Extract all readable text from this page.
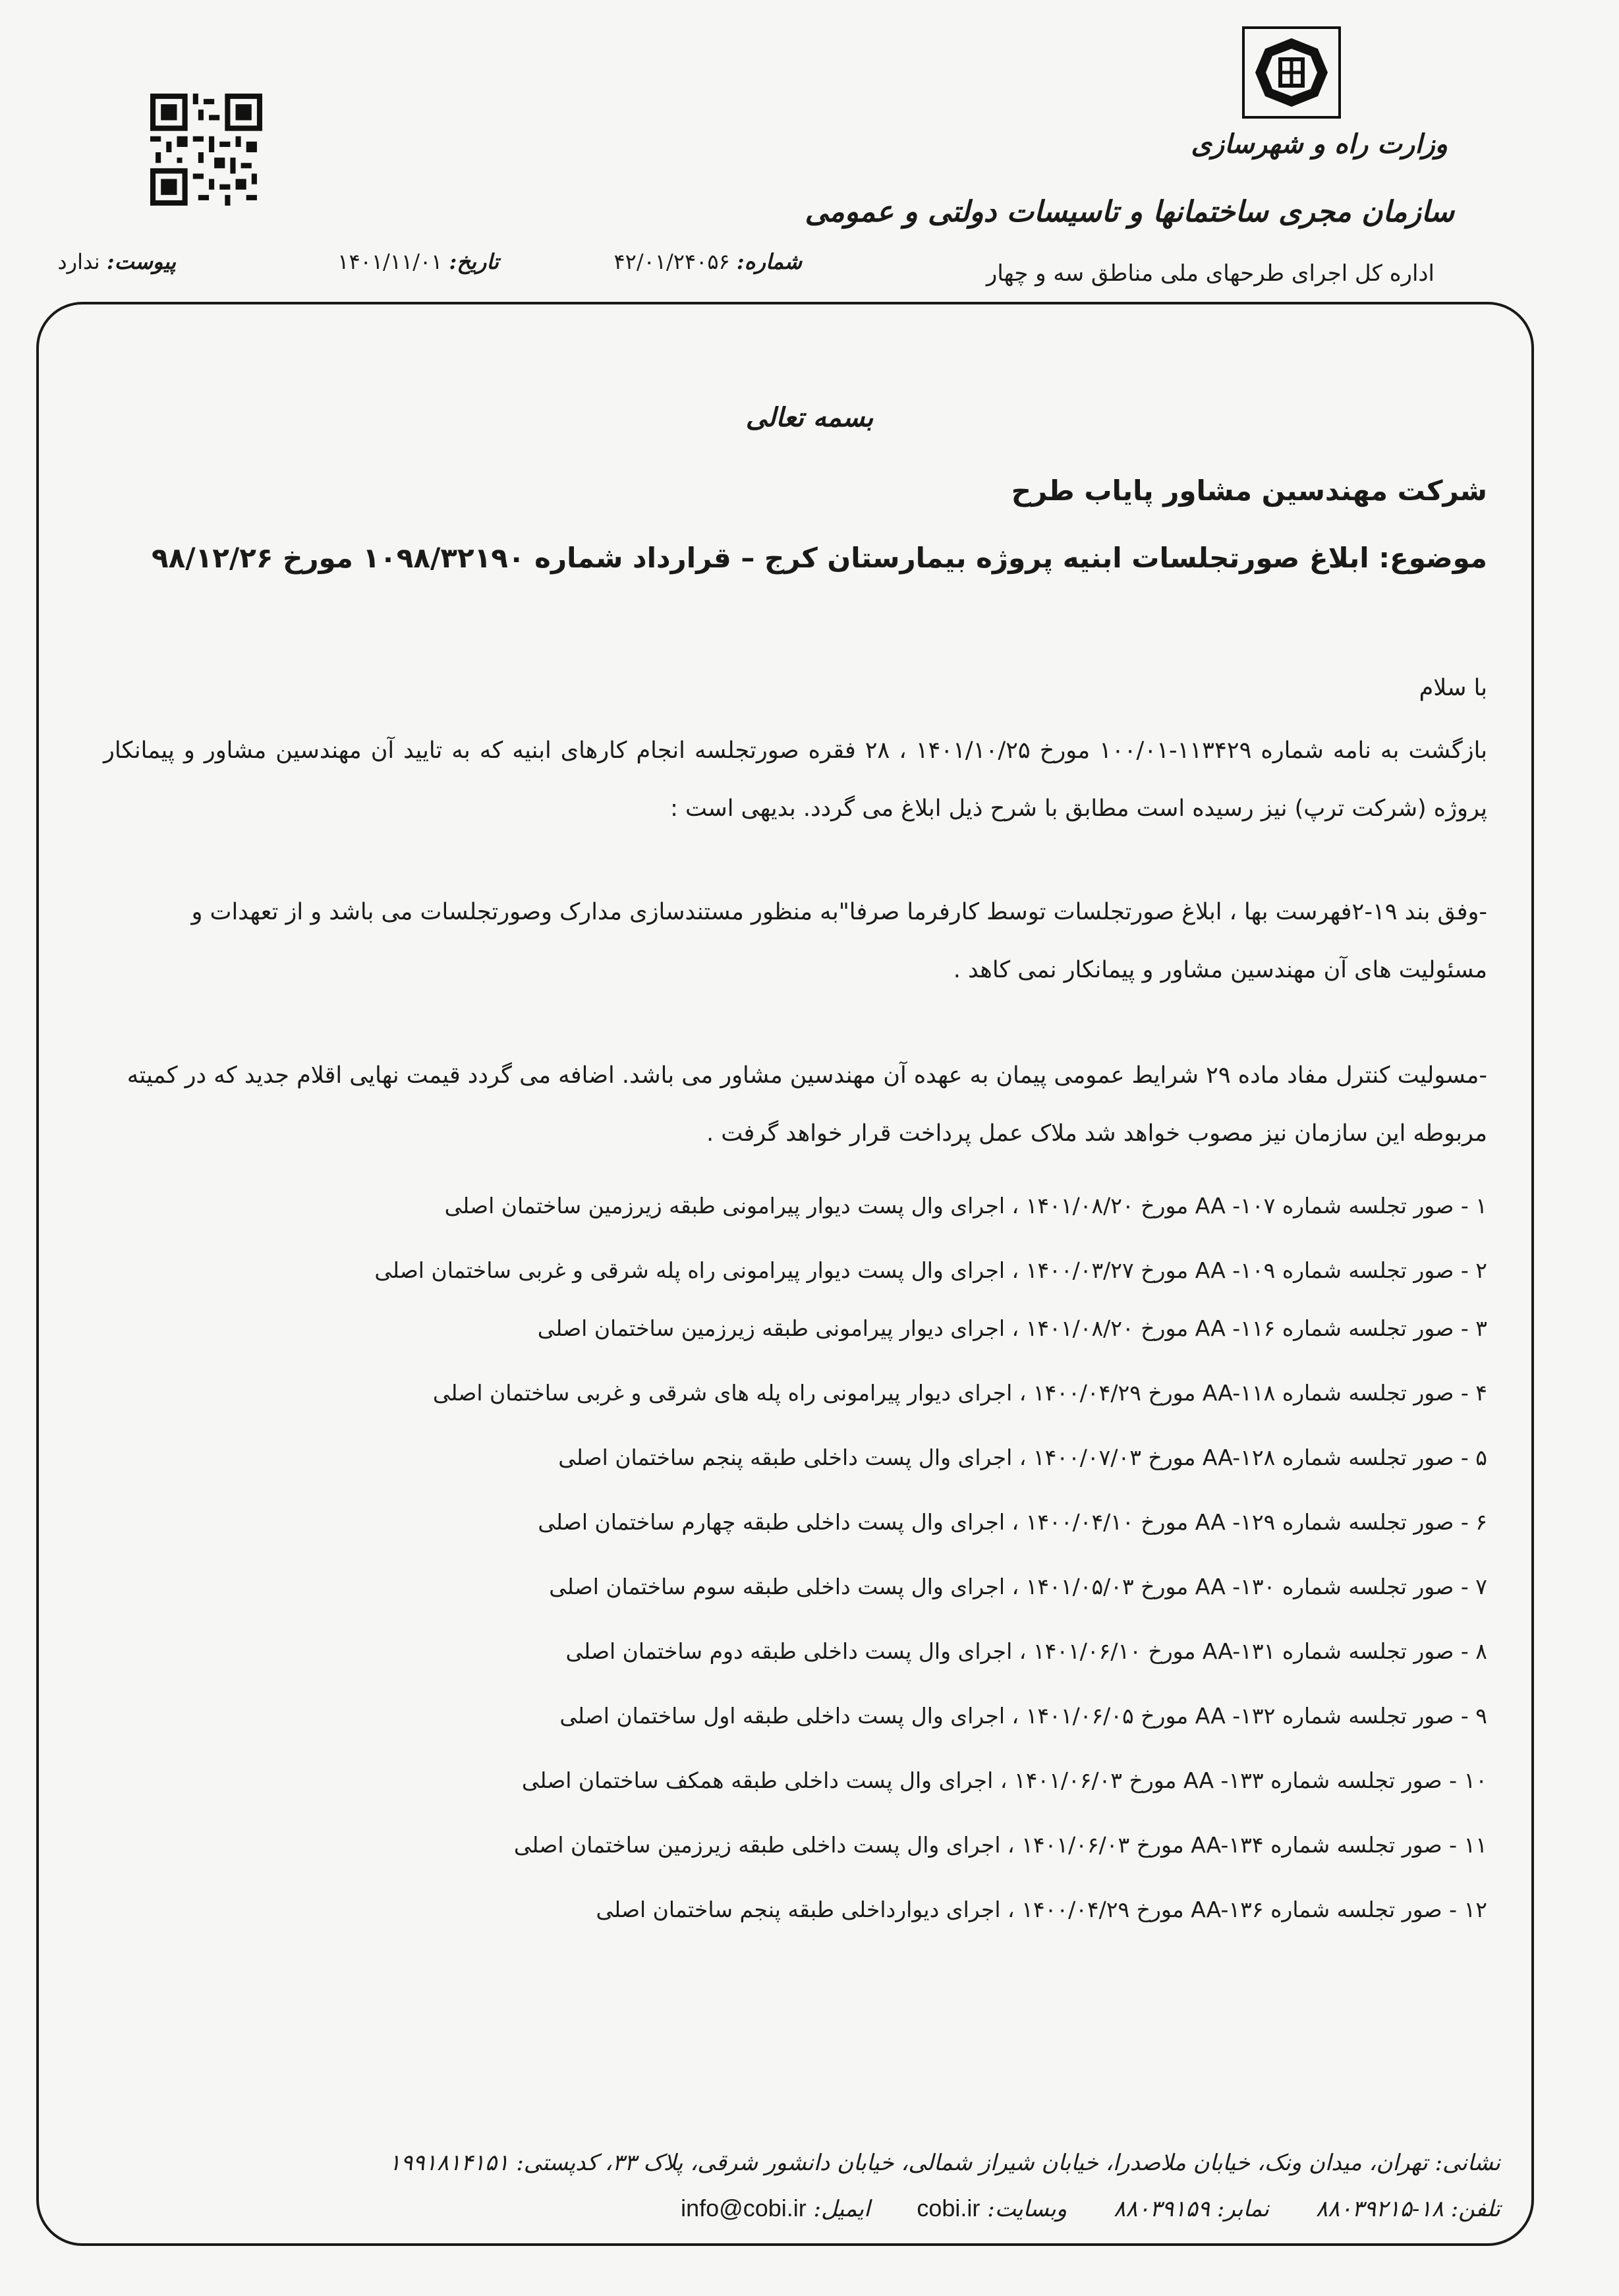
وزارت راه و شهرسازی
سازمان مجری ساختمانها و تاسیسات دولتی و عمومی
شماره: ۴۲/۰۱/۲۴۰۵۶
تاریخ: ۱۴۰۱/۱۱/۰۱
پیوست: ندارد	اداره کل اجرای طرحهای ملی مناطق سه و چهار
بسمه تعالی
شرکت مهندسین مشاور پایاب طرح
موضوع: ابلاغ صورتجلسات ابنیه پروژه بیمارستان کرج – قرارداد شماره ۱۰۹۸/۳۲۱۹۰ مورخ ۹۸/۱۲/۲۶
با سلام
بازگشت به نامه شماره ۱۱۳۴۲۹-۱۰۰/۰۱ مورخ ۱۴۰۱/۱۰/۲۵ ، ۲۸ فقره صورتجلسه انجام کارهای ابنیه که به تایید آن مهندسین مشاور و پیمانکار پروژه (شرکت ترپ) نیز رسیده است مطابق با شرح ذیل ابلاغ می گردد. بدیهی است :
-وفق بند ۱۹-۲فهرست بها ، ابلاغ صورتجلسات توسط کارفرما صرفا"به منظور مستندسازی مدارک وصورتجلسات می باشد و از تعهدات و مسئولیت های آن مهندسین مشاور و پیمانکار نمی کاهد .
-مسولیت کنترل مفاد ماده ۲۹ شرایط عمومی پیمان به عهده آن مهندسین مشاور می باشد. اضافه می گردد قیمت نهایی اقلام جدید که در کمیته مربوطه این سازمان نیز مصوب خواهد شد ملاک عمل پرداخت قرار خواهد گرفت .
۱ - صور تجلسه شماره AA -۱۰۷ مورخ ۱۴۰۱/۰۸/۲۰ ، اجرای وال پست دیوار پیرامونی طبقه زیرزمین ساختمان اصلی
۲ - صور تجلسه شماره AA -۱۰۹ مورخ ۱۴۰۰/۰۳/۲۷ ، اجرای وال پست دیوار پیرامونی راه پله شرقی و غربی ساختمان اصلی
۳ - صور تجلسه شماره AA -۱۱۶ مورخ ۱۴۰۱/۰۸/۲۰ ، اجرای دیوار پیرامونی طبقه زیرزمین ساختمان اصلی
۴ - صور تجلسه شماره AA-۱۱۸ مورخ ۱۴۰۰/۰۴/۲۹ ، اجرای دیوار پیرامونی راه پله های شرقی و غربی ساختمان اصلی
۵ - صور تجلسه شماره AA-۱۲۸ مورخ ۱۴۰۰/۰۷/۰۳ ، اجرای وال پست داخلی طبقه پنجم ساختمان اصلی
۶ - صور تجلسه شماره AA -۱۲۹ مورخ ۱۴۰۰/۰۴/۱۰ ، اجرای وال پست داخلی طبقه چهارم ساختمان اصلی
۷ - صور تجلسه شماره AA -۱۳۰ مورخ ۱۴۰۱/۰۵/۰۳ ، اجرای وال پست داخلی طبقه سوم ساختمان اصلی
۸ - صور تجلسه شماره AA-۱۳۱ مورخ ۱۴۰۱/۰۶/۱۰ ، اجرای وال پست داخلی طبقه دوم ساختمان اصلی
۹ - صور تجلسه شماره AA -۱۳۲ مورخ ۱۴۰۱/۰۶/۰۵ ، اجرای وال پست داخلی طبقه اول ساختمان اصلی
۱۰ - صور تجلسه شماره AA -۱۳۳ مورخ ۱۴۰۱/۰۶/۰۳ ، اجرای وال پست داخلی طبقه همکف ساختمان اصلی
۱۱ - صور تجلسه شماره AA-۱۳۴ مورخ ۱۴۰۱/۰۶/۰۳ ، اجرای وال پست داخلی طبقه زیرزمین ساختمان اصلی
۱۲ - صور تجلسه شماره AA-۱۳۶ مورخ ۱۴۰۰/۰۴/۲۹ ، اجرای دیوارداخلی طبقه پنجم ساختمان اصلی
نشانی: تهران، میدان ونک، خیابان ملاصدرا، خیابان شیراز شمالی، خیابان دانشور شرقی، پلاک ۳۳، کدپستی: ۱۹۹۱۸۱۴۱۵۱
تلفن: ۱۸-۸۸۰۳۹۲۱۵ نمابر: ۸۸۰۳۹۱۵۹ وبسایت: cobi.ir ایمیل: info@cobi.ir
